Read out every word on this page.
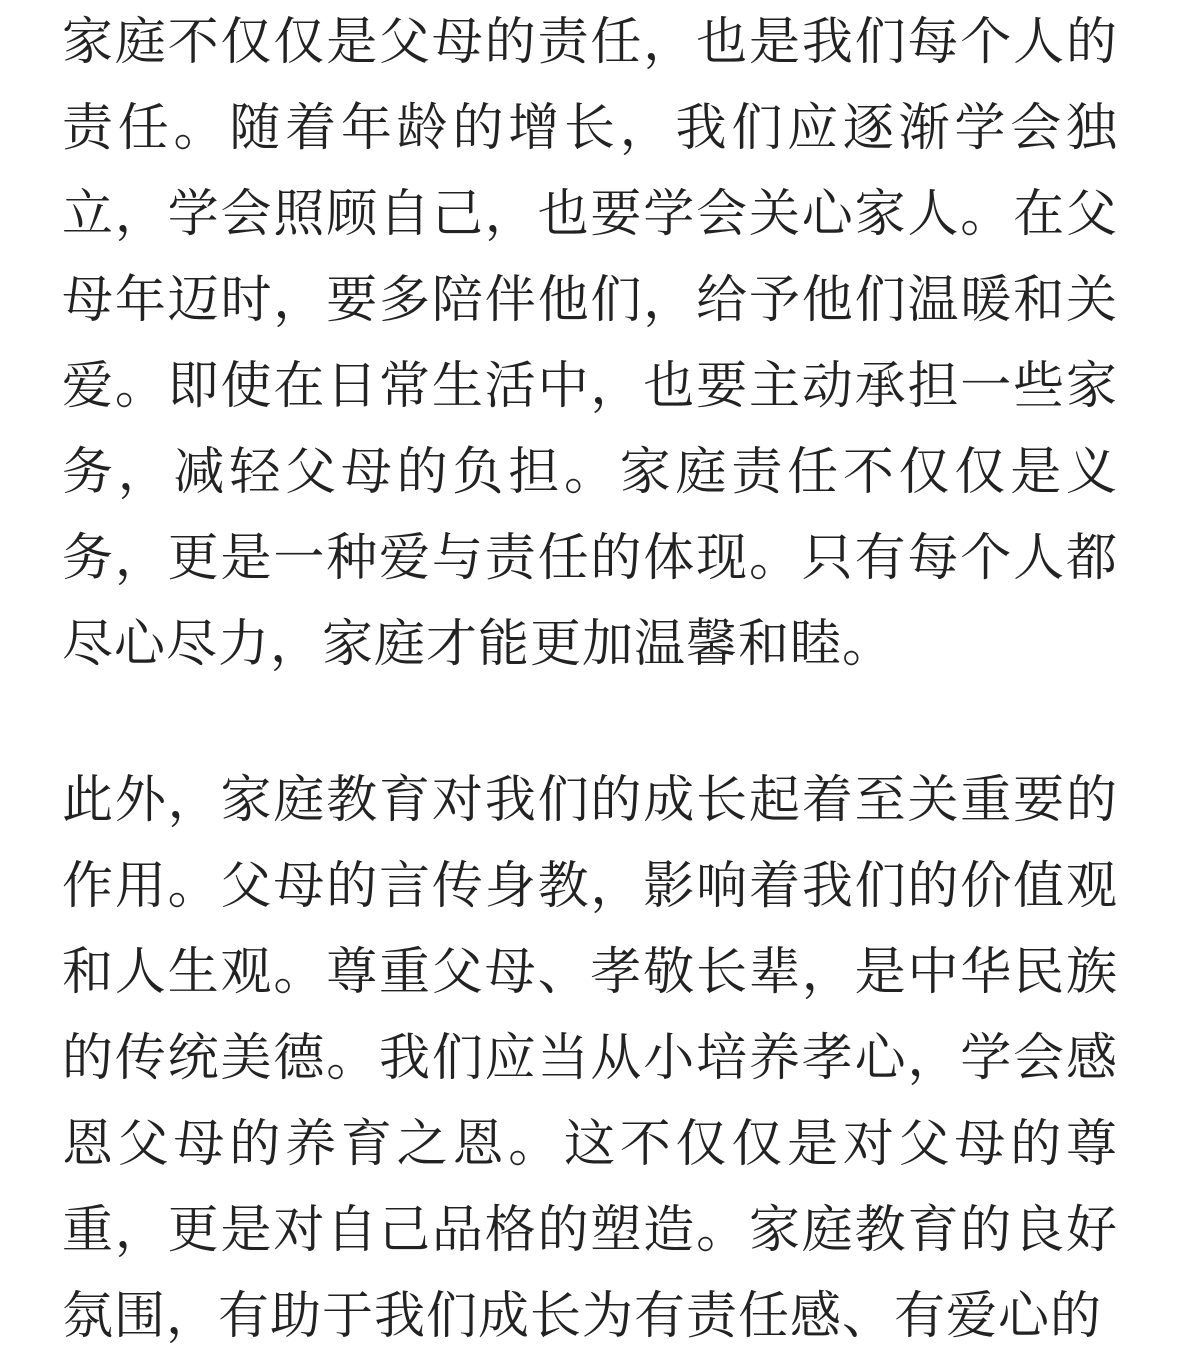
家庭不仅仅是父母的责任，也是我们每个人的责任。随着年龄的增长，我们应逐渐学会独立，学会照顾自己，也要学会关心家人。在父母年迈时，要多陪伴他们，给予他们温暖和关爱。即使在日常生活中，也要主动承担一些家务，减轻父母的负担。家庭责任不仅仅是义务，更是一种爱与责任的体现。只有每个人都尽心尽力，家庭才能更加温馨和睦。

此外，家庭教育对我们的成长起着至关重要的作用。父母的言传身教，影响着我们的价值观和人生观。尊重父母、孝敬长辈，是中华民族的传统美德。我们应当从小培养孝心，学会感恩父母的养育之恩。这不仅仅是对父母的尊重，更是对自己品格的塑造。家庭教育的良好氛围，有助于我们成长为有责任感、有爱心的
